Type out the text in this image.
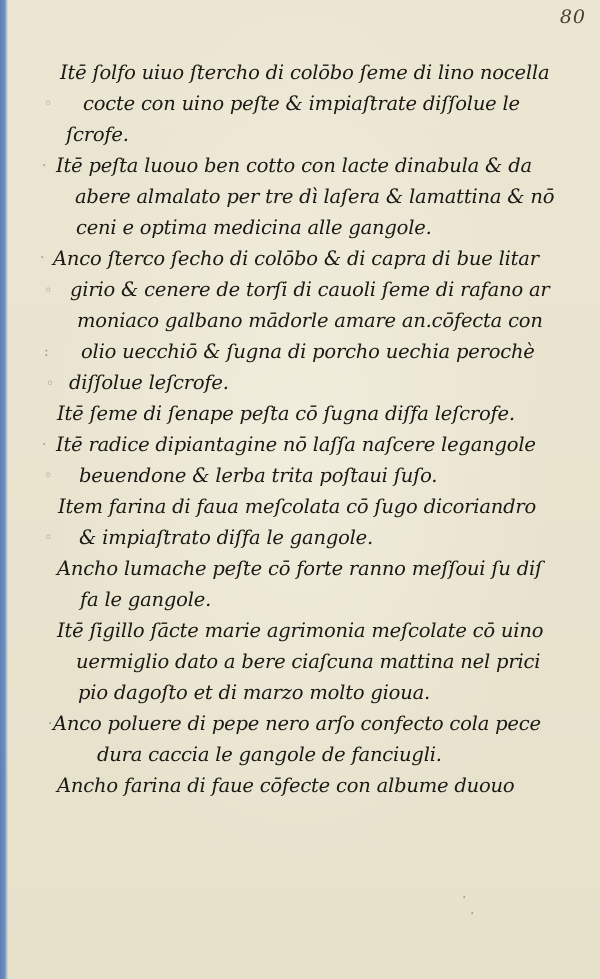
80
Itē ſolfo uiuo ſtercho di colōbo ſeme di lino nocella
cocte con uino peſte & impiaſtrate diſſolue le
ſcrofe.
Itē peſta luouo ben cotto con lacte dinabula & da
abere almalato per tre dì laſera & lamattina & nō
ceni e optima medicina alle gangole.
Anco ſterco ſecho di colōbo & di capra di bue litar
girio & cenere de torſi di cauoli ſeme di rafano ar
moniaco galbano mādorle amare an.cōfecta con
olio uecchiō & ſugna di porcho uechia perochè
diſſolue leſcrofe.
Itē ſeme di ſenape peſta cō ſugna diſfa leſcrofe.
Itē radice dipiantagine nō laſſa naſcere legangole
beuendone & lerba trita poſtaui ſuſo.
Item farina di faua meſcolata cō ſugo dicoriandro
& impiaſtrato diſfa le gangole.
Ancho lumache peſte cō forte ranno meſſoui ſu diſ
fa le gangole.
Itē ſigillo ſācte marie agrimonia meſcolate cō uino
uermiglio dato a bere ciaſcuna mattina nel prici
pio dagoſto et di marzo molto gioua.
Anco poluere di pepe nero arſo confecto cola pece
dura caccia le gangole de fanciugli.
Ancho farina di faue cōfecte con albume duouo
◦
·
·
◦
:
◦
·
◦
◦
·
·
·
